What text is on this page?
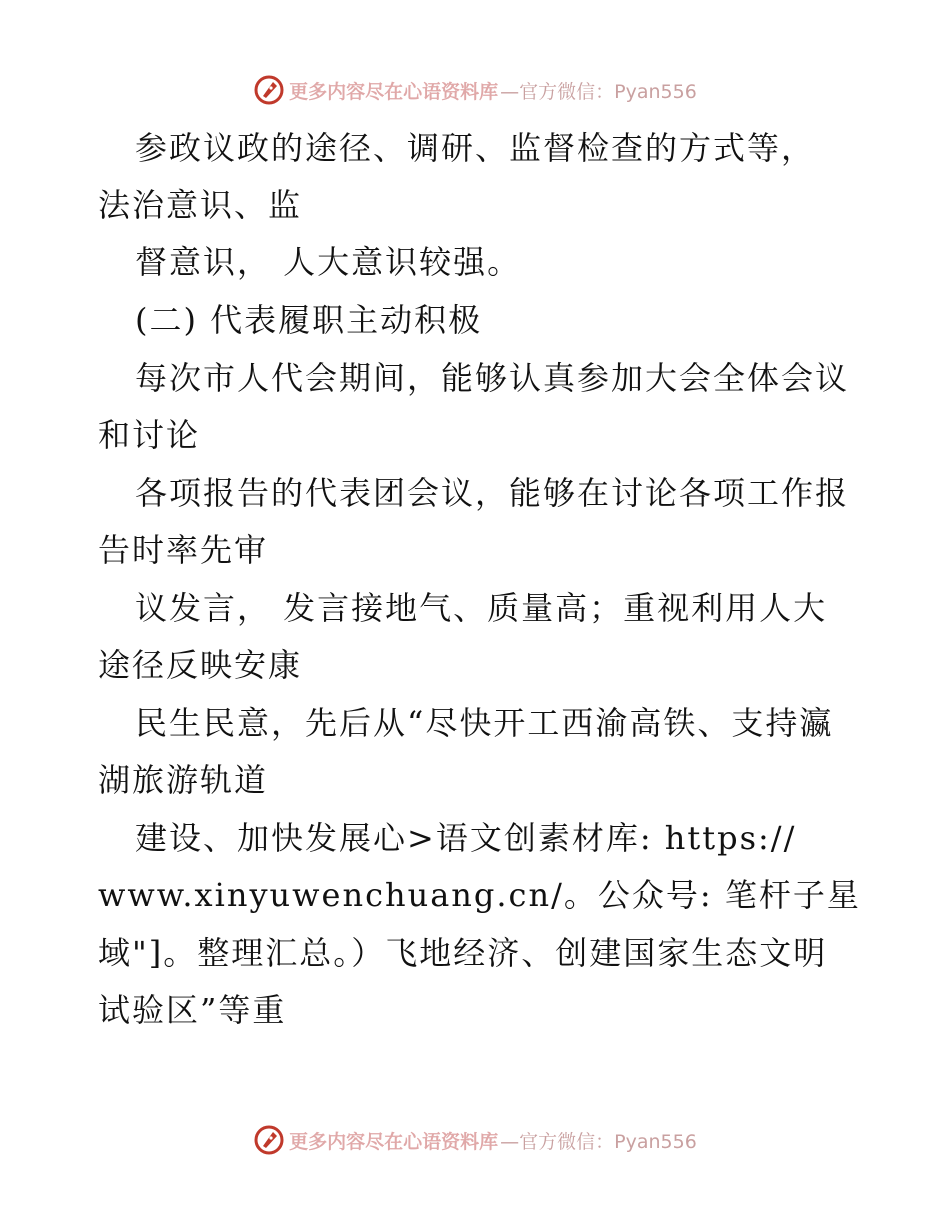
更多内容尽在心语资料库 —官方微信：Pyan556
参政议政的途径、调研、监督检查的方式等，
法治意识、监
督意识， 人大意识较强。
(二) 代表履职主动积极
每次市人代会期间，能够认真参加大会全体会议
和讨论
各项报告的代表团会议，能够在讨论各项工作报
告时率先审
议发言， 发言接地气、质量高；重视利用人大
途径反映安康
民生民意，先后从“尽快开工西渝高铁、支持瀛
湖旅游轨道
建设、加快发展心>语文创素材库: https://
www.xinyuwenchuang.cn/。公众号: 笔杆子星
域"]。整理汇总。）飞地经济、创建国家生态文明
试验区”等重
更多内容尽在心语资料库 —官方微信：Pyan556
